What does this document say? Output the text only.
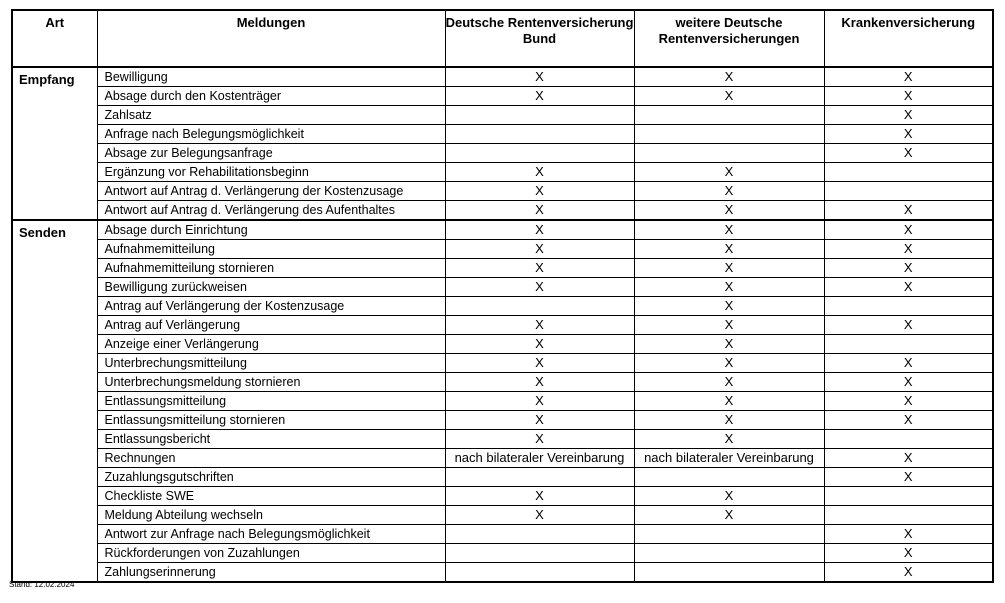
Art	Meldungen	Deutsche Rentenversicherung Bund	weitere Deutsche Rentenversicherungen	Krankenversicherung
Empfang	Bewilligung	X	X	X
	Absage durch den Kostenträger	X	X	X
	Zahlsatz			X
	Anfrage nach Belegungsmöglichkeit			X
	Absage zur Belegungsanfrage			X
	Ergänzung vor Rehabilitationsbeginn	X	X	
	Antwort auf Antrag d. Verlängerung der Kostenzusage	X	X	
	Antwort auf Antrag d. Verlängerung des Aufenthaltes	X	X	X
Senden	Absage durch Einrichtung	X	X	X
	Aufnahmemitteilung	X	X	X
	Aufnahmemitteilung stornieren	X	X	X
	Bewilligung zurückweisen	X	X	X
	Antrag auf Verlängerung der Kostenzusage		X	
	Antrag auf Verlängerung	X	X	X
	Anzeige einer Verlängerung	X	X	
	Unterbrechungsmitteilung	X	X	X
	Unterbrechungsmeldung stornieren	X	X	X
	Entlassungsmitteilung	X	X	X
	Entlassungsmitteilung stornieren	X	X	X
	Entlassungsbericht	X	X	
	Rechnungen	nach bilateraler Vereinbarung	nach bilateraler Vereinbarung	X
	Zuzahlungsgutschriften			X
	Checkliste SWE	X	X	
	Meldung Abteilung wechseln	X	X	
	Antwort zur Anfrage nach Belegungsmöglichkeit			X
	Rückforderungen von Zuzahlungen			X
	Zahlungserinnerung			X
Stand: 12.02.2024
